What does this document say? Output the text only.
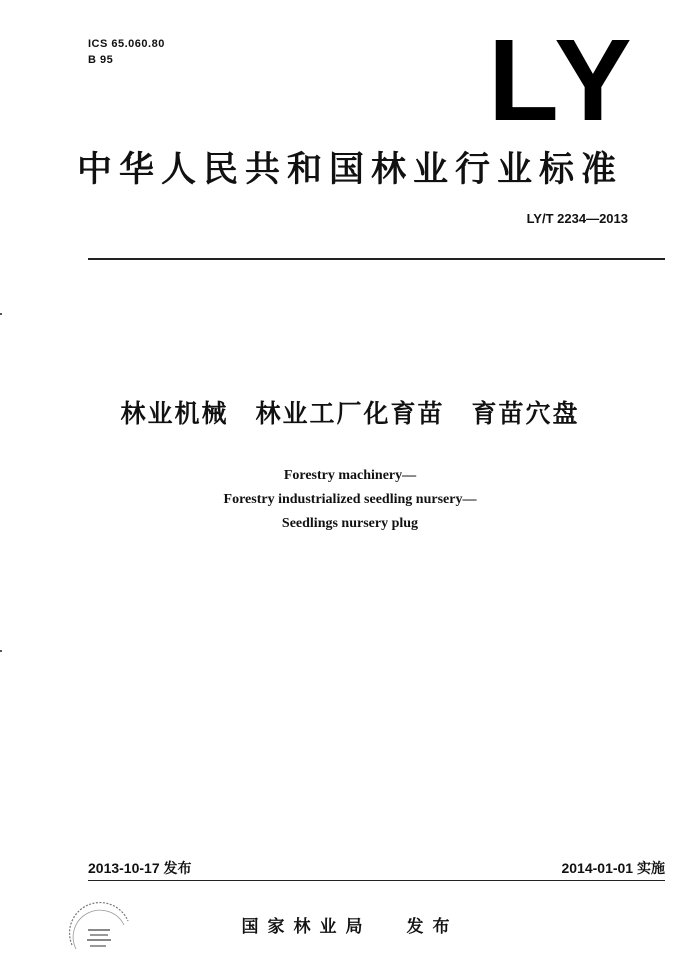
ICS 65.060.80
B 95	LY
中华人民共和国林业行业标准
LY/T 2234—2013
林业机械　林业工厂化育苗　育苗穴盘
Forestry machinery—
Forestry industrialized seedling nursery—
Seedlings nursery plug
2013-10-17 发布	2014-01-01 实施
国家林业局 发布
